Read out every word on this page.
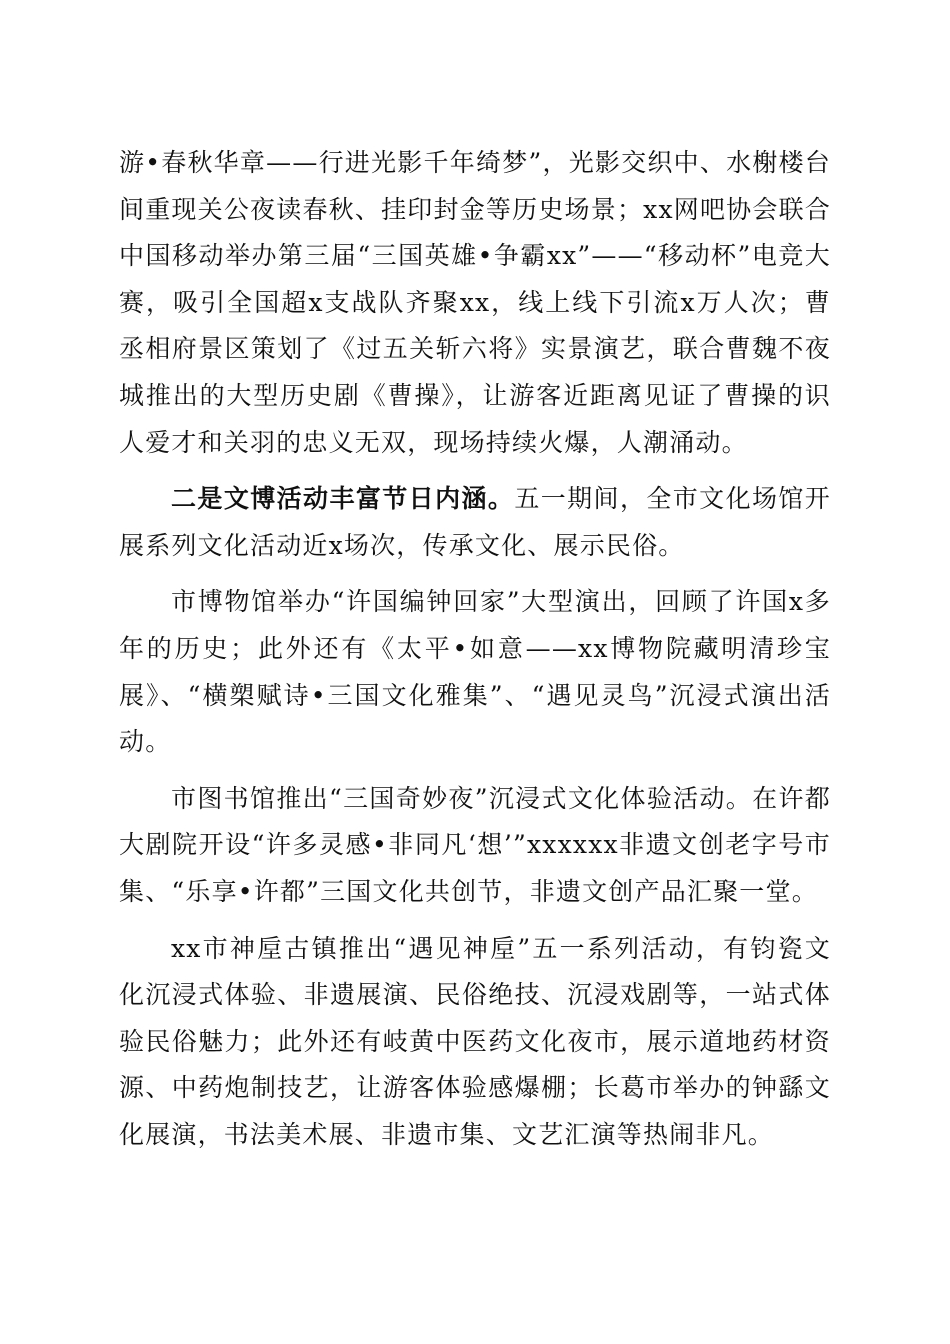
游•春秋华章——行进光影千年绮梦”，光影交织中、水榭楼台间重现关公夜读春秋、挂印封金等历史场景；xx网吧协会联合中国移动举办第三届“三国英雄•争霸xx”——“移动杯”电竞大赛，吸引全国超x支战队齐聚xx，线上线下引流x万人次；曹丞相府景区策划了《过五关斩六将》实景演艺，联合曹魏不夜城推出的大型历史剧《曹操》，让游客近距离见证了曹操的识人爱才和关羽的忠义无双，现场持续火爆，人潮涌动。

二是文博活动丰富节日内涵。五一期间，全市文化场馆开展系列文化活动近x场次，传承文化、展示民俗。

市博物馆举办“许国编钟回家”大型演出，回顾了许国x多年的历史；此外还有《太平•如意——xx博物院藏明清珍宝展》、“横槊赋诗•三国文化雅集”、“遇见灵鸟”沉浸式演出活动。

市图书馆推出“三国奇妙夜”沉浸式文化体验活动。在许都大剧院开设“许多灵感•非同凡‘想’”xxxxxx非遗文创老字号市集、“乐享•许都”三国文化共创节，非遗文创产品汇聚一堂。

xx市神垕古镇推出“遇见神垕”五一系列活动，有钧瓷文化沉浸式体验、非遗展演、民俗绝技、沉浸戏剧等，一站式体验民俗魅力；此外还有岐黄中医药文化夜市，展示道地药材资源、中药炮制技艺，让游客体验感爆棚；长葛市举办的钟繇文化展演，书法美术展、非遗市集、文艺汇演等热闹非凡。
